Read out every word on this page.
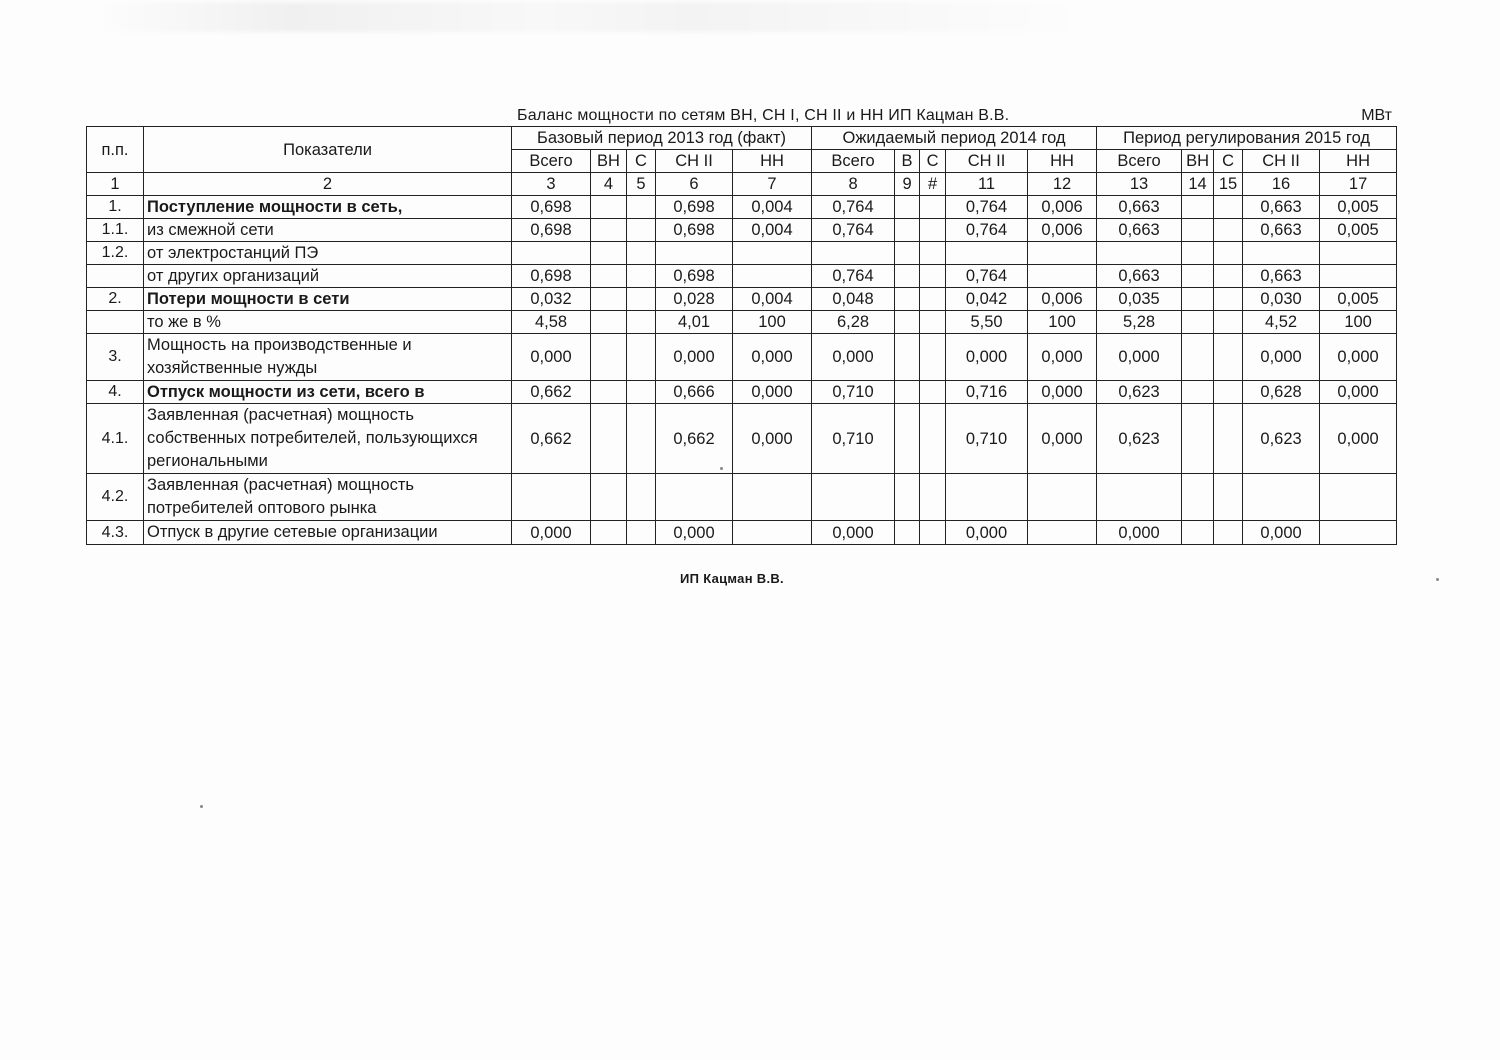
Баланс мощности по сетям ВН, СН I, СН II и НН ИП Кацман В.В.	МВт
п.п.	Показатели	Базовый период 2013 год (факт)					Ожидаемый период 2014 год					Период регулирования 2015 год				
		Всего	ВН	С	СН II	НН	Всего	В	С	СН II	НН	Всего	ВН	С	СН II	НН
1	2	3	4	5	6	7	8	9	#	11	12	13	14	15	16	17
1.	Поступление мощности в сеть,	0,698			0,698	0,004	0,764			0,764	0,006	0,663			0,663	0,005
1.1.	из смежной сети	0,698			0,698	0,004	0,764			0,764	0,006	0,663			0,663	0,005
1.2.	от электростанций ПЭ															
	от других организаций	0,698			0,698		0,764			0,764		0,663			0,663	
2.	Потери мощности в сети	0,032			0,028	0,004	0,048			0,042	0,006	0,035			0,030	0,005
	то же в %	4,58			4,01	100	6,28			5,50	100	5,28			4,52	100
3.	Мощность на производственные и хозяйственные нужды	0,000			0,000	0,000	0,000			0,000	0,000	0,000			0,000	0,000
4.	Отпуск мощности из сети, всего в	0,662			0,666	0,000	0,710			0,716	0,000	0,623			0,628	0,000
4.1.	Заявленная (расчетная) мощность собственных потребителей, пользующихся региональными	0,662			0,662	0,000	0,710			0,710	0,000	0,623			0,623	0,000
4.2.	Заявленная (расчетная) мощность потребителей оптового рынка															
4.3.	Отпуск в другие сетевые организации	0,000			0,000		0,000			0,000		0,000			0,000	
ИП Кацман В.В.
